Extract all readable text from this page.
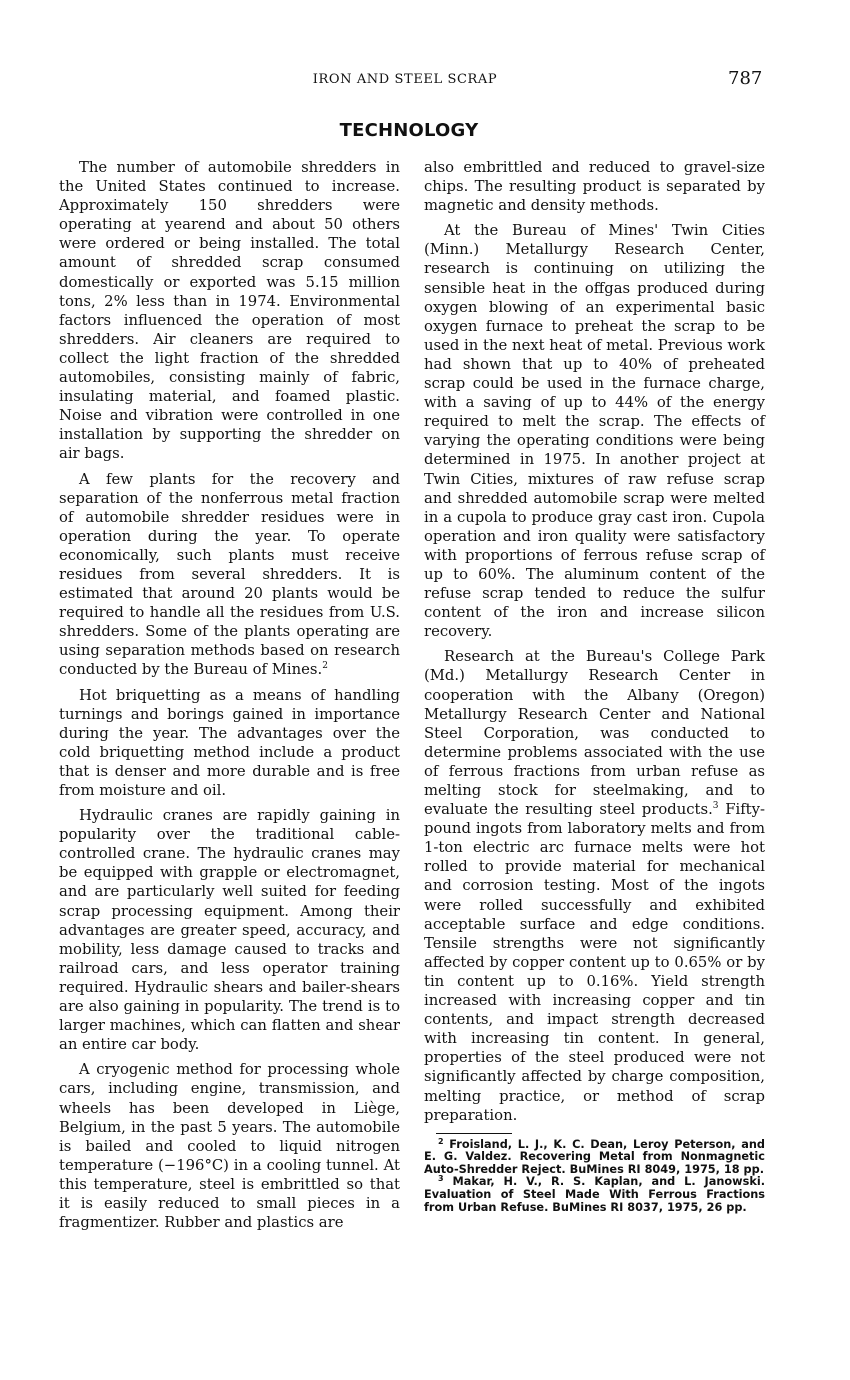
IRON AND STEEL SCRAP	787
TECHNOLOGY

The number of automobile shredders in the United States continued to increase. Approximately 150 shredders were operating at yearend and about 50 others were ordered or being installed. The total amount of shredded scrap consumed domestically or exported was 5.15 million tons, 2% less than in 1974. Environmental factors influenced the operation of most shredders. Air cleaners are required to collect the light fraction of the shredded automobiles, consisting mainly of fabric, insulating material, and foamed plastic. Noise and vibration were controlled in one installation by supporting the shredder on air bags.

A few plants for the recovery and separation of the nonferrous metal fraction of automobile shredder residues were in operation during the year. To operate economically, such plants must receive residues from several shredders. It is estimated that around 20 plants would be required to handle all the residues from U.S. shredders. Some of the plants operating are using separation methods based on research conducted by the Bureau of Mines.$^2$

Hot briquetting as a means of handling turnings and borings gained in importance during the year. The advantages over the cold briquetting method include a product that is denser and more durable and is free from moisture and oil.

Hydraulic cranes are rapidly gaining in popularity over the traditional cable-controlled crane. The hydraulic cranes may be equipped with grapple or electromagnet, and are particularly well suited for feeding scrap processing equipment. Among their advantages are greater speed, accuracy, and mobility, less damage caused to tracks and railroad cars, and less operator training required. Hydraulic shears and bailer-shears are also gaining in popularity. The trend is to larger machines, which can flatten and shear an entire car body.

A cryogenic method for processing whole cars, including engine, transmission, and wheels has been developed in Liège, Belgium, in the past 5 years. The automobile is bailed and cooled to liquid nitrogen temperature (−196°C) in a cooling tunnel. At this temperature, steel is embrittled so that it is easily reduced to small pieces in a fragmentizer. Rubber and plastics are

also embrittled and reduced to gravel-size chips. The resulting product is separated by magnetic and density methods.

At the Bureau of Mines' Twin Cities (Minn.) Metallurgy Research Center, research is continuing on utilizing the sensible heat in the offgas produced during oxygen blowing of an experimental basic oxygen furnace to preheat the scrap to be used in the next heat of metal. Previous work had shown that up to 40% of preheated scrap could be used in the furnace charge, with a saving of up to 44% of the energy required to melt the scrap. The effects of varying the operating conditions were being determined in 1975. In another project at Twin Cities, mixtures of raw refuse scrap and shredded automobile scrap were melted in a cupola to produce gray cast iron. Cupola operation and iron quality were satisfactory with proportions of ferrous refuse scrap of up to 60%. The aluminum content of the refuse scrap tended to reduce the sulfur content of the iron and increase silicon recovery.

Research at the Bureau's College Park (Md.) Metallurgy Research Center in cooperation with the Albany (Oregon) Metallurgy Research Center and National Steel Corporation, was conducted to determine problems associated with the use of ferrous fractions from urban refuse as melting stock for steelmaking, and to evaluate the resulting steel products.$^3$ Fifty-pound ingots from laboratory melts and from 1-ton electric arc furnace melts were hot rolled to provide material for mechanical and corrosion testing. Most of the ingots were rolled successfully and exhibited acceptable surface and edge conditions. Tensile strengths were not significantly affected by copper content up to 0.65% or by tin content up to 0.16%. Yield strength increased with increasing copper and tin contents, and impact strength decreased with increasing tin content. In general, properties of the steel produced were not significantly affected by charge composition, melting practice, or method of scrap preparation.

$^2$ Froisland, L. J., K. C. Dean, Leroy Peterson, and E. G. Valdez. Recovering Metal from Nonmagnetic Auto-Shredder Reject. BuMines RI 8049, 1975, 18 pp.

$^3$ Makar, H. V., R. S. Kaplan, and L. Janowski. Evaluation of Steel Made With Ferrous Fractions from Urban Refuse. BuMines RI 8037, 1975, 26 pp.
